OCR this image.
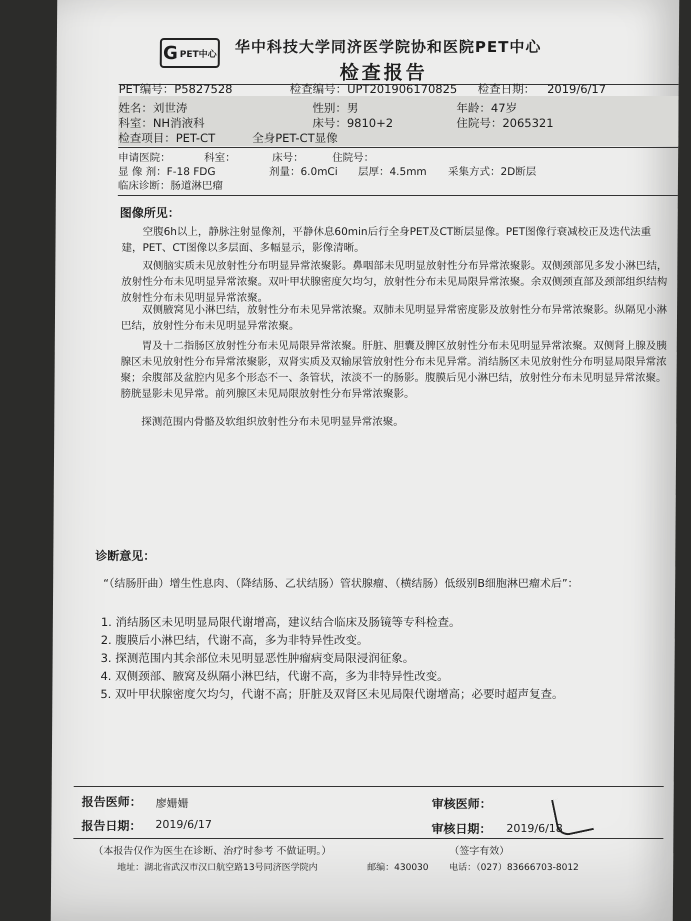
G PET中心 华中科技大学同济医学院协和医院PET中心
检查报告
PET编号：P5827528	检查编号：UPT201906170825 检查日期： 2019/6/17
姓名：刘世涛	性别：男	年龄：47岁
科室：NH消液科	床号：9810+2	住院号：2065321
检查项目：PET-CT	全身PET-CT显像
申请医院：	科室：	床号：	住院号：
显 像 剂：F-18 FDG	剂量：6.0mCi 层厚：4.5mm 采集方式：2D断层
临床诊断：肠道淋巴瘤
图像所见：
空腹6h以上，静脉注射显像剂，平静休息60min后行全身PET及CT断层显像。PET图像行衰减校正及迭代法重建，PET、CT图像以多层面、多幅显示，影像清晰。
双侧脑实质未见放射性分布明显异常浓聚影。鼻咽部未见明显放射性分布异常浓聚影。双侧颈部见多发小淋巴结，放射性分布未见明显异常浓聚。双叶甲状腺密度欠均匀，放射性分布未见局限异常浓聚。余双侧颈直部及颈部组织结构放射性分布未见明显异常浓聚。
双侧腋窝见小淋巴结，放射性分布未见异常浓聚。双肺未见明显异常密度影及放射性分布异常浓聚影。纵隔见小淋巴结，放射性分布未见明显异常浓聚。
胃及十二指肠区放射性分布未见局限异常浓聚。肝脏、胆囊及脾区放射性分布未见明显异常浓聚。双侧肾上腺及胰腺区未见放射性分布异常浓聚影，双肾实质及双输尿管放射性分布未见异常。消结肠区未见放射性分布明显局限异常浓聚；余腹部及盆腔内见多个形态不一、条管状，浓淡不一的肠影。腹膜后见小淋巴结，放射性分布未见明显异常浓聚。膀胱显影未见异常。前列腺区未见局限放射性分布异常浓聚影。
探测范围内骨骼及软组织放射性分布未见明显异常浓聚。
诊断意见：
“（结肠肝曲）增生性息肉、（降结肠、乙状结肠）管状腺瘤、（横结肠）低级别B细胞淋巴瘤术后”：
1. 消结肠区未见明显局限代谢增高，建议结合临床及肠镜等专科检查。
2. 腹膜后小淋巴结，代谢不高，多为非特异性改变。
3. 探测范围内其余部位未见明显恶性肿瘤病变局限浸润征象。
4. 双侧颈部、腋窝及纵隔小淋巴结，代谢不高，多为非特异性改变。
5. 双叶甲状腺密度欠均匀，代谢不高；肝脏及双肾区未见局限代谢增高；必要时超声复查。
报告医师： 廖姗姗	审核医师：
报告日期： 2019/6/17	审核日期： 2019/6/18
（本报告仅作为医生在诊断、治疗时参考 不做证明。）	（签字有效）
地址：湖北省武汉市汉口航空路13号同济医学院内	邮编：430030 电话：（027）83666703-8012
